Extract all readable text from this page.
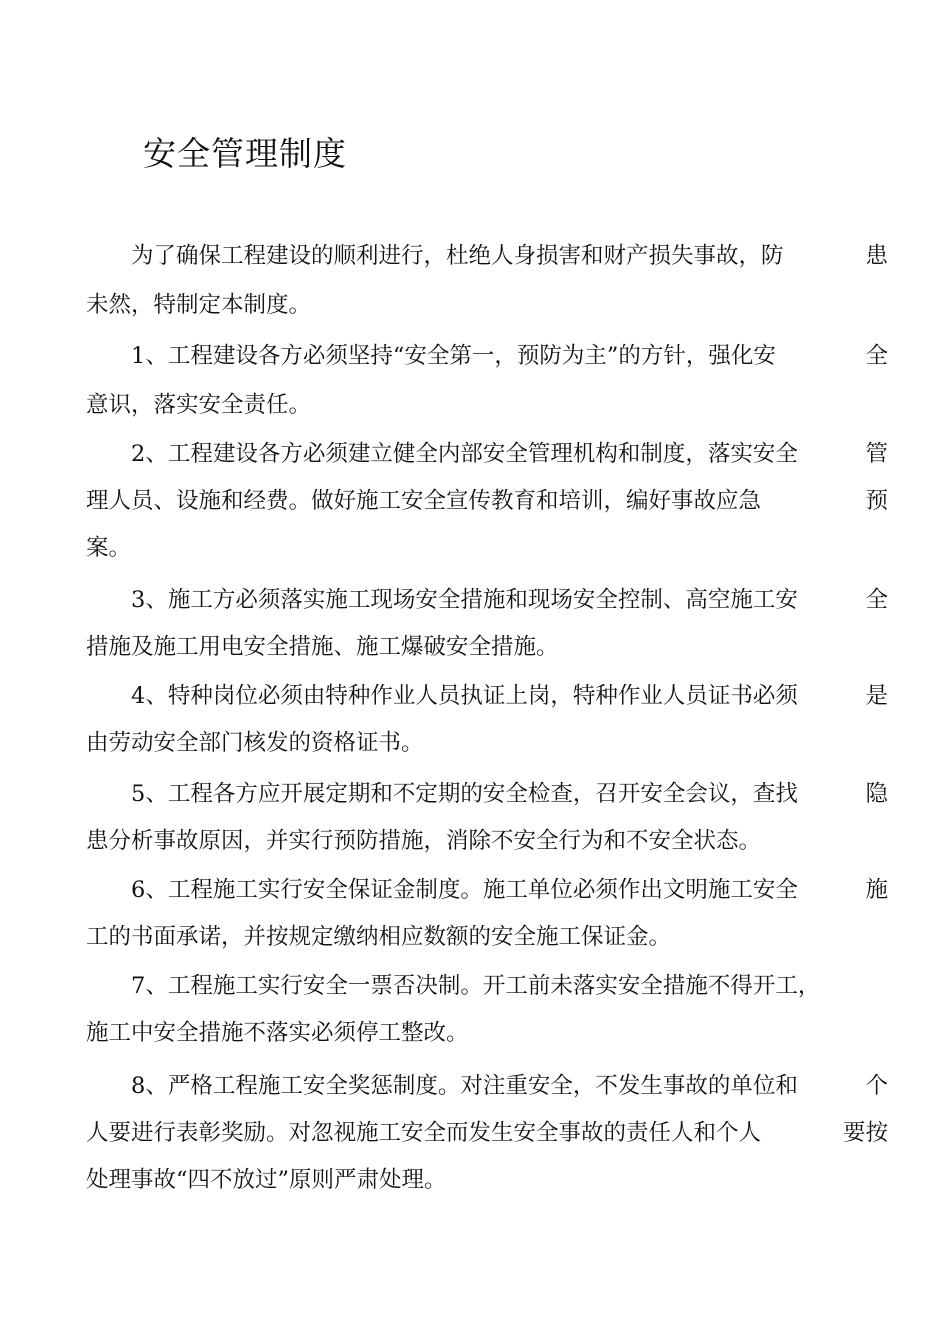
安全管理制度
为了确保工程建设的顺利进行，杜绝人身损害和财产损失事故，防	患
未然，特制定本制度。
1、工程建设各方必须坚持“安全第一，预防为主”的方针，强化安	全
意识，落实安全责任。
2、工程建设各方必须建立健全内部安全管理机构和制度，落实安全	管
理人员、设施和经费。做好施工安全宣传教育和培训，编好事故应急	预
案。
3、施工方必须落实施工现场安全措施和现场安全控制、高空施工安	全
措施及施工用电安全措施、施工爆破安全措施。
4、特种岗位必须由特种作业人员执证上岗，特种作业人员证书必须	是
由劳动安全部门核发的资格证书。
5、工程各方应开展定期和不定期的安全检查，召开安全会议，查找	隐
患分析事故原因，并实行预防措施，消除不安全行为和不安全状态。
6、工程施工实行安全保证金制度。施工单位必须作出文明施工安全	施
工的书面承诺，并按规定缴纳相应数额的安全施工保证金。
7、工程施工实行安全一票否决制。开工前未落实安全措施不得开工，
施工中安全措施不落实必须停工整改。
8、严格工程施工安全奖惩制度。对注重安全，不发生事故的单位和	个
人要进行表彰奖励。对忽视施工安全而发生安全事故的责任人和个人	要按
处理事故“四不放过”原则严肃处理。
